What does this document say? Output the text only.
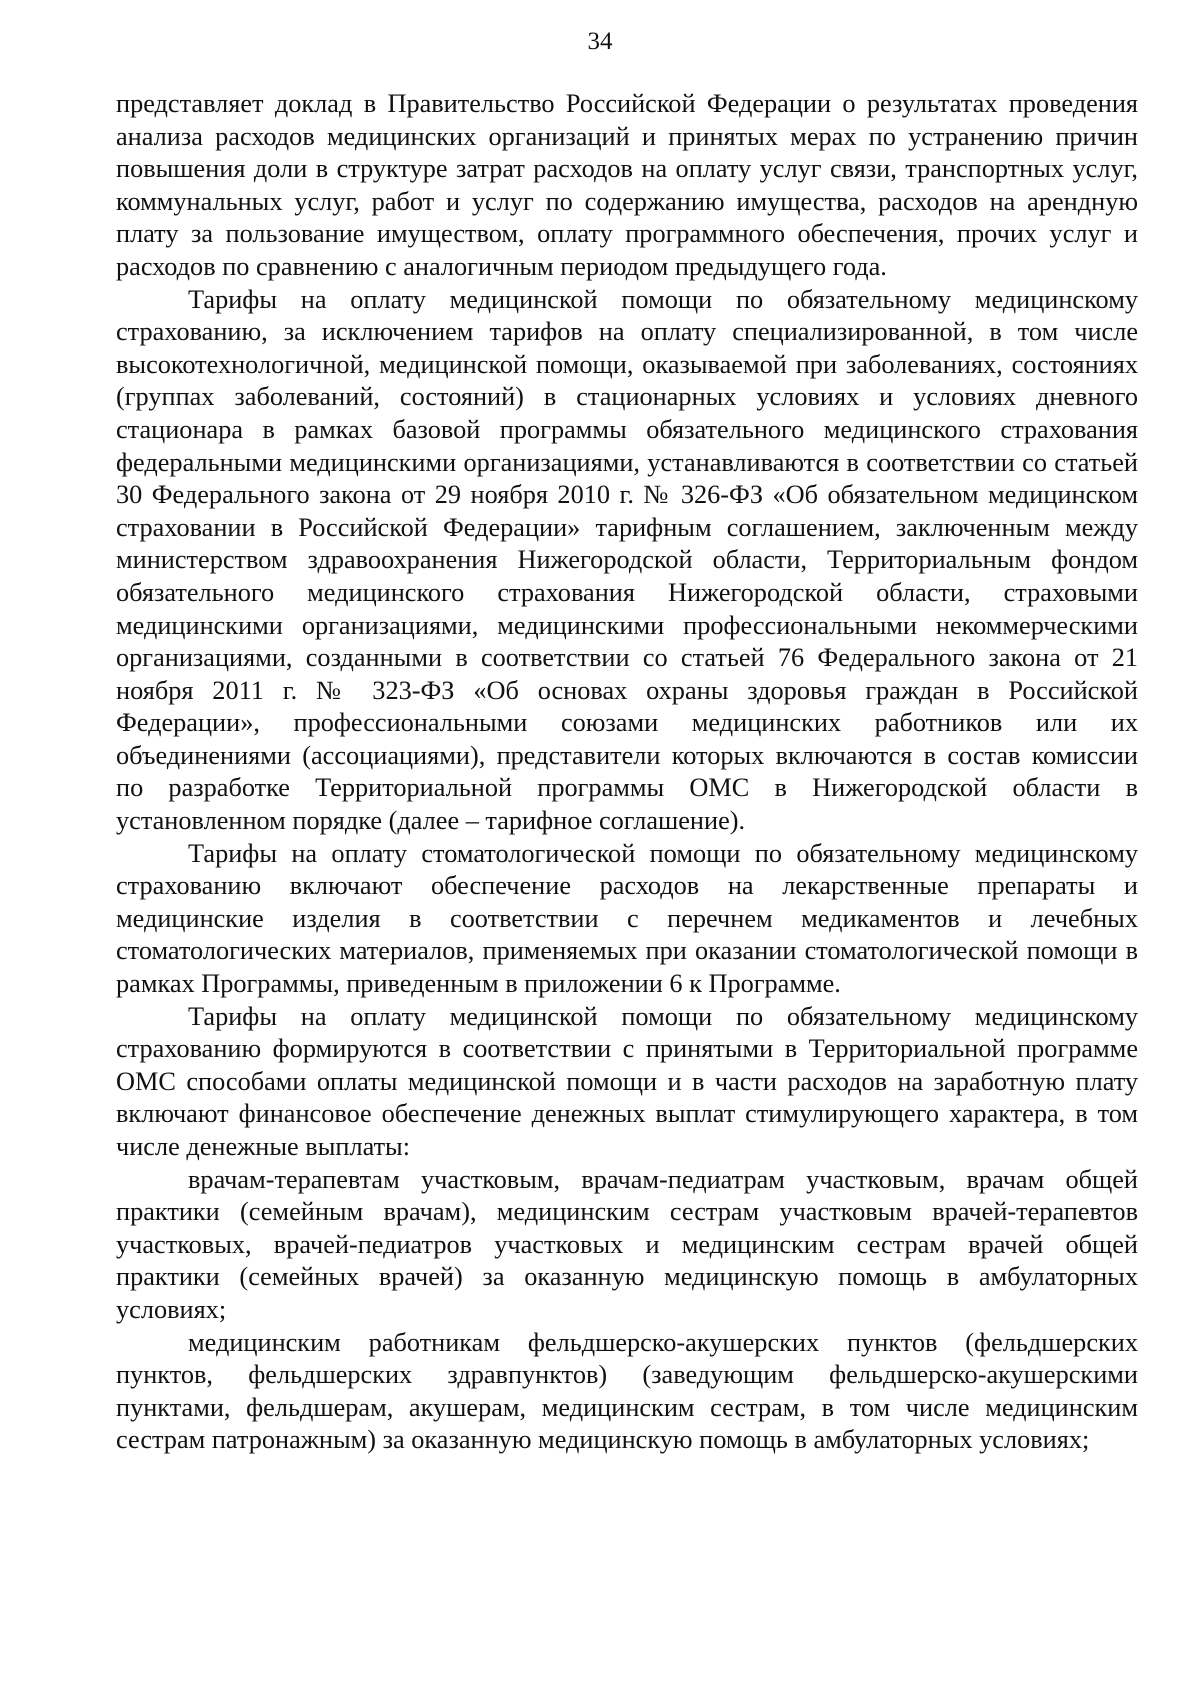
34

представляет доклад в Правительство Российской Федерации о результатах проведения анализа расходов медицинских организаций и принятых мерах по устранению причин повышения доли в структуре затрат расходов на оплату услуг связи, транспортных услуг, коммунальных услуг, работ и услуг по содержанию имущества, расходов на арендную плату за пользование имуществом, оплату программного обеспечения, прочих услуг и расходов по сравнению с аналогичным периодом предыдущего года.

Тарифы на оплату медицинской помощи по обязательному медицинскому страхованию, за исключением тарифов на оплату специализированной, в том числе высокотехнологичной, медицинской помощи, оказываемой при заболеваниях, состояниях (группах заболеваний, состояний) в стационарных условиях и условиях дневного стационара в рамках базовой программы обязательного медицинского страхования федеральными медицинскими организациями, устанавливаются в соответствии со статьей 30 Федерального закона от 29 ноября 2010 г. № 326-ФЗ «Об обязательном медицинском страховании в Российской Федерации» тарифным соглашением, заключенным между министерством здравоохранения Нижегородской области, Территориальным фондом обязательного медицинского страхования Нижегородской области, страховыми медицинскими организациями, медицинскими профессиональными некоммерческими организациями, созданными в соответствии со статьей 76 Федерального закона от 21 ноября 2011 г. № 323-ФЗ «Об основах охраны здоровья граждан в Российской Федерации», профессиональными союзами медицинских работников или их объединениями (ассоциациями), представители которых включаются в состав комиссии по разработке Территориальной программы ОМС в Нижегородской области в установленном порядке (далее – тарифное соглашение).

Тарифы на оплату стоматологической помощи по обязательному медицинскому страхованию включают обеспечение расходов на лекарственные препараты и медицинские изделия в соответствии с перечнем медикаментов и лечебных стоматологических материалов, применяемых при оказании стоматологической помощи в рамках Программы, приведенным в приложении 6 к Программе.

Тарифы на оплату медицинской помощи по обязательному медицинскому страхованию формируются в соответствии с принятыми в Территориальной программе ОМС способами оплаты медицинской помощи и в части расходов на заработную плату включают финансовое обеспечение денежных выплат стимулирующего характера, в том числе денежные выплаты:

врачам-терапевтам участковым, врачам-педиатрам участковым, врачам общей практики (семейным врачам), медицинским сестрам участковым врачей-терапевтов участковых, врачей-педиатров участковых и медицинским сестрам врачей общей практики (семейных врачей) за оказанную медицинскую помощь в амбулаторных условиях;

медицинским работникам фельдшерско-акушерских пунктов (фельдшерских пунктов, фельдшерских здравпунктов) (заведующим фельдшерско-акушерскими пунктами, фельдшерам, акушерам, медицинским сестрам, в том числе медицинским сестрам патронажным) за оказанную медицинскую помощь в амбулаторных условиях;
